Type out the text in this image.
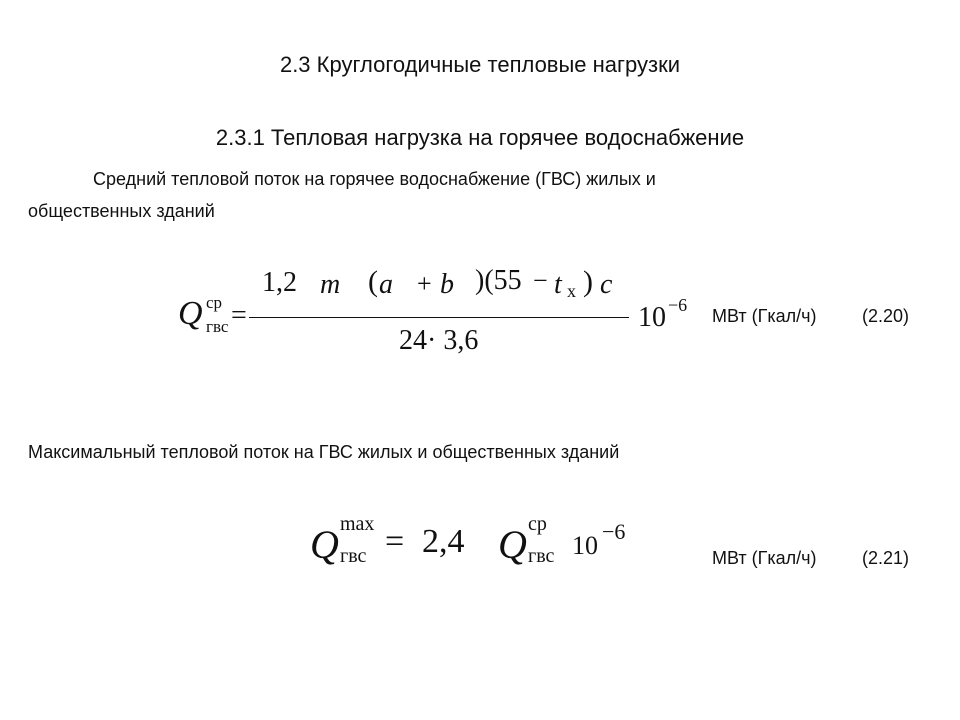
2.3 Круглогодичные тепловые нагрузки
2.3.1 Тепловая нагрузка на горячее водоснабжение
Средний тепловой поток на горячее водоснабжение (ГВС) жилых и
общественных зданий
Q ср
гвс =
1,2 m ( a + b )(55 − t х ) c
24· 3,6
10 −6
МВт (Гкал/ч)	(2.20)
Максимальный тепловой поток на ГВС жилых и общественных зданий
Q max
гвс = 2,4 Q ср
гвс 10 −6
МВт (Гкал/ч)	(2.21)
